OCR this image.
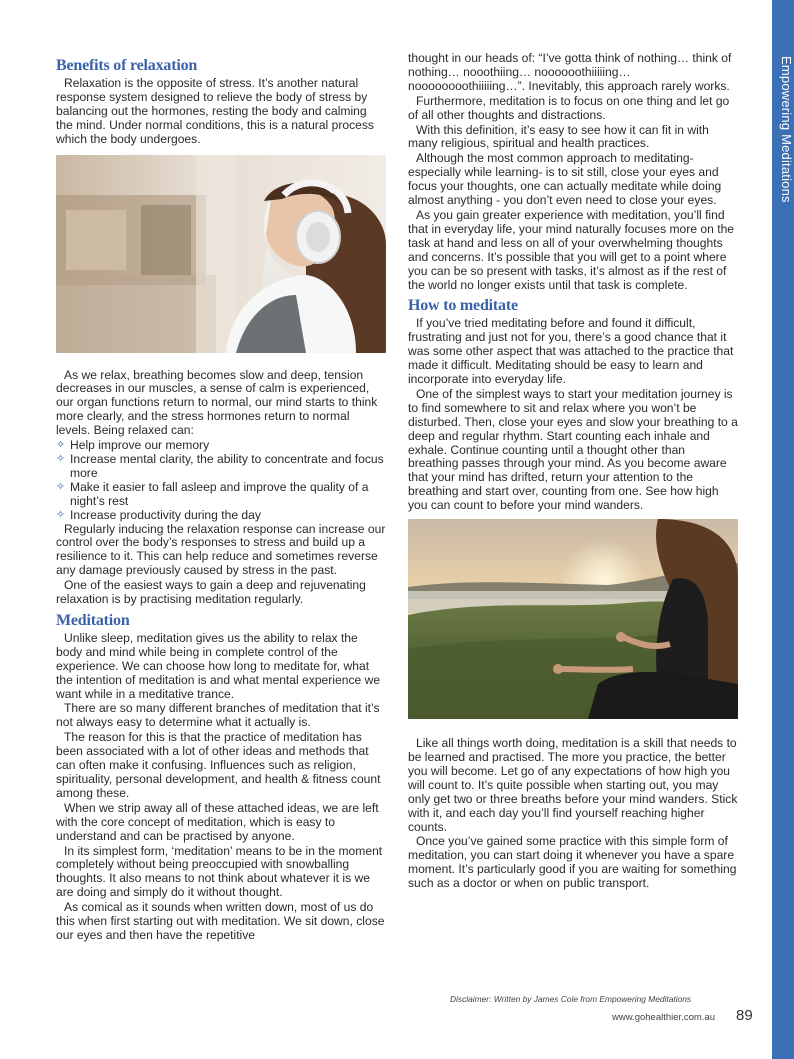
Empowering Meditations
Benefits of relaxation

Relaxation is the opposite of stress. It’s another natural response system designed to relieve the body of stress by balancing out the hormones, resting the body and calming the mind. Under normal conditions, this is a natural process which the body undergoes.

As we relax, breathing becomes slow and deep, tension decreases in our muscles, a sense of calm is experienced, our organ functions return to normal, our mind starts to think more clearly, and the stress hormones return to normal levels. Being relaxed can:

✧ Help improve our memory
✧ Increase mental clarity, the ability to concentrate and focus more
✧ Make it easier to fall asleep and improve the quality of a night’s rest
✧ Increase productivity during the day

Regularly inducing the relaxation response can increase our control over the body’s responses to stress and build up a resilience to it. This can help reduce and sometimes reverse any damage previously caused by stress in the past.

One of the easiest ways to gain a deep and rejuvenating relaxation is by practising meditation regularly.

Meditation

Unlike sleep, meditation gives us the ability to relax the body and mind while being in complete control of the experience. We can choose how long to meditate for, what the intention of meditation is and what mental experience we want while in a meditative trance.

There are so many different branches of meditation that it’s not always easy to determine what it actually is.

The reason for this is that the practice of meditation has been associated with a lot of other ideas and methods that can often make it confusing. Influences such as religion, spirituality, personal development, and health & fitness count among these.

When we strip away all of these attached ideas, we are left with the core concept of meditation, which is easy to understand and can be practised by anyone.

In its simplest form, ‘meditation’ means to be in the moment completely without being preoccupied with snowballing thoughts. It also means to not think about whatever it is we are doing and simply do it without thought.

As comical as it sounds when written down, most of us do this when first starting out with meditation. We sit down, close our eyes and then have the repetitive

thought in our heads of: “I’ve gotta think of nothing… think of nothing… nooothiing… noooooothiiiiing… noooooooothiiiiing…”. Inevitably, this approach rarely works.

Furthermore, meditation is to focus on one thing and let go of all other thoughts and distractions.

With this definition, it’s easy to see how it can fit in with many religious, spiritual and health practices.

Although the most common approach to meditating- especially while learning- is to sit still, close your eyes and focus your thoughts, one can actually meditate while doing almost anything - you don’t even need to close your eyes.

As you gain greater experience with meditation, you’ll find that in everyday life, your mind naturally focuses more on the task at hand and less on all of your overwhelming thoughts and concerns. It’s possible that you will get to a point where you can be so present with tasks, it’s almost as if the rest of the world no longer exists until that task is complete.

How to meditate

If you’ve tried meditating before and found it difficult, frustrating and just not for you, there’s a good chance that it was some other aspect that was attached to the practice that made it difficult. Meditating should be easy to learn and incorporate into everyday life.

One of the simplest ways to start your meditation journey is to find somewhere to sit and relax where you won’t be disturbed. Then, close your eyes and slow your breathing to a deep and regular rhythm. Start counting each inhale and exhale. Continue counting until a thought other than breathing passes through your mind. As you become aware that your mind has drifted, return your attention to the breathing and start over, counting from one. See how high you can count to before your mind wanders.

Like all things worth doing, meditation is a skill that needs to be learned and practised. The more you practice, the better you will become. Let go of any expectations of how high you will count to. It’s quite possible when starting out, you may only get two or three breaths before your mind wanders. Stick with it, and each day you’ll find yourself reaching higher counts.

Once you’ve gained some practice with this simple form of meditation, you can start doing it whenever you have a spare moment. It’s particularly good if you are waiting for something such as a doctor or when on public transport.

Disclaimer: Written by James Cole from Empowering Meditations
www.gohealthier.com.au 89
